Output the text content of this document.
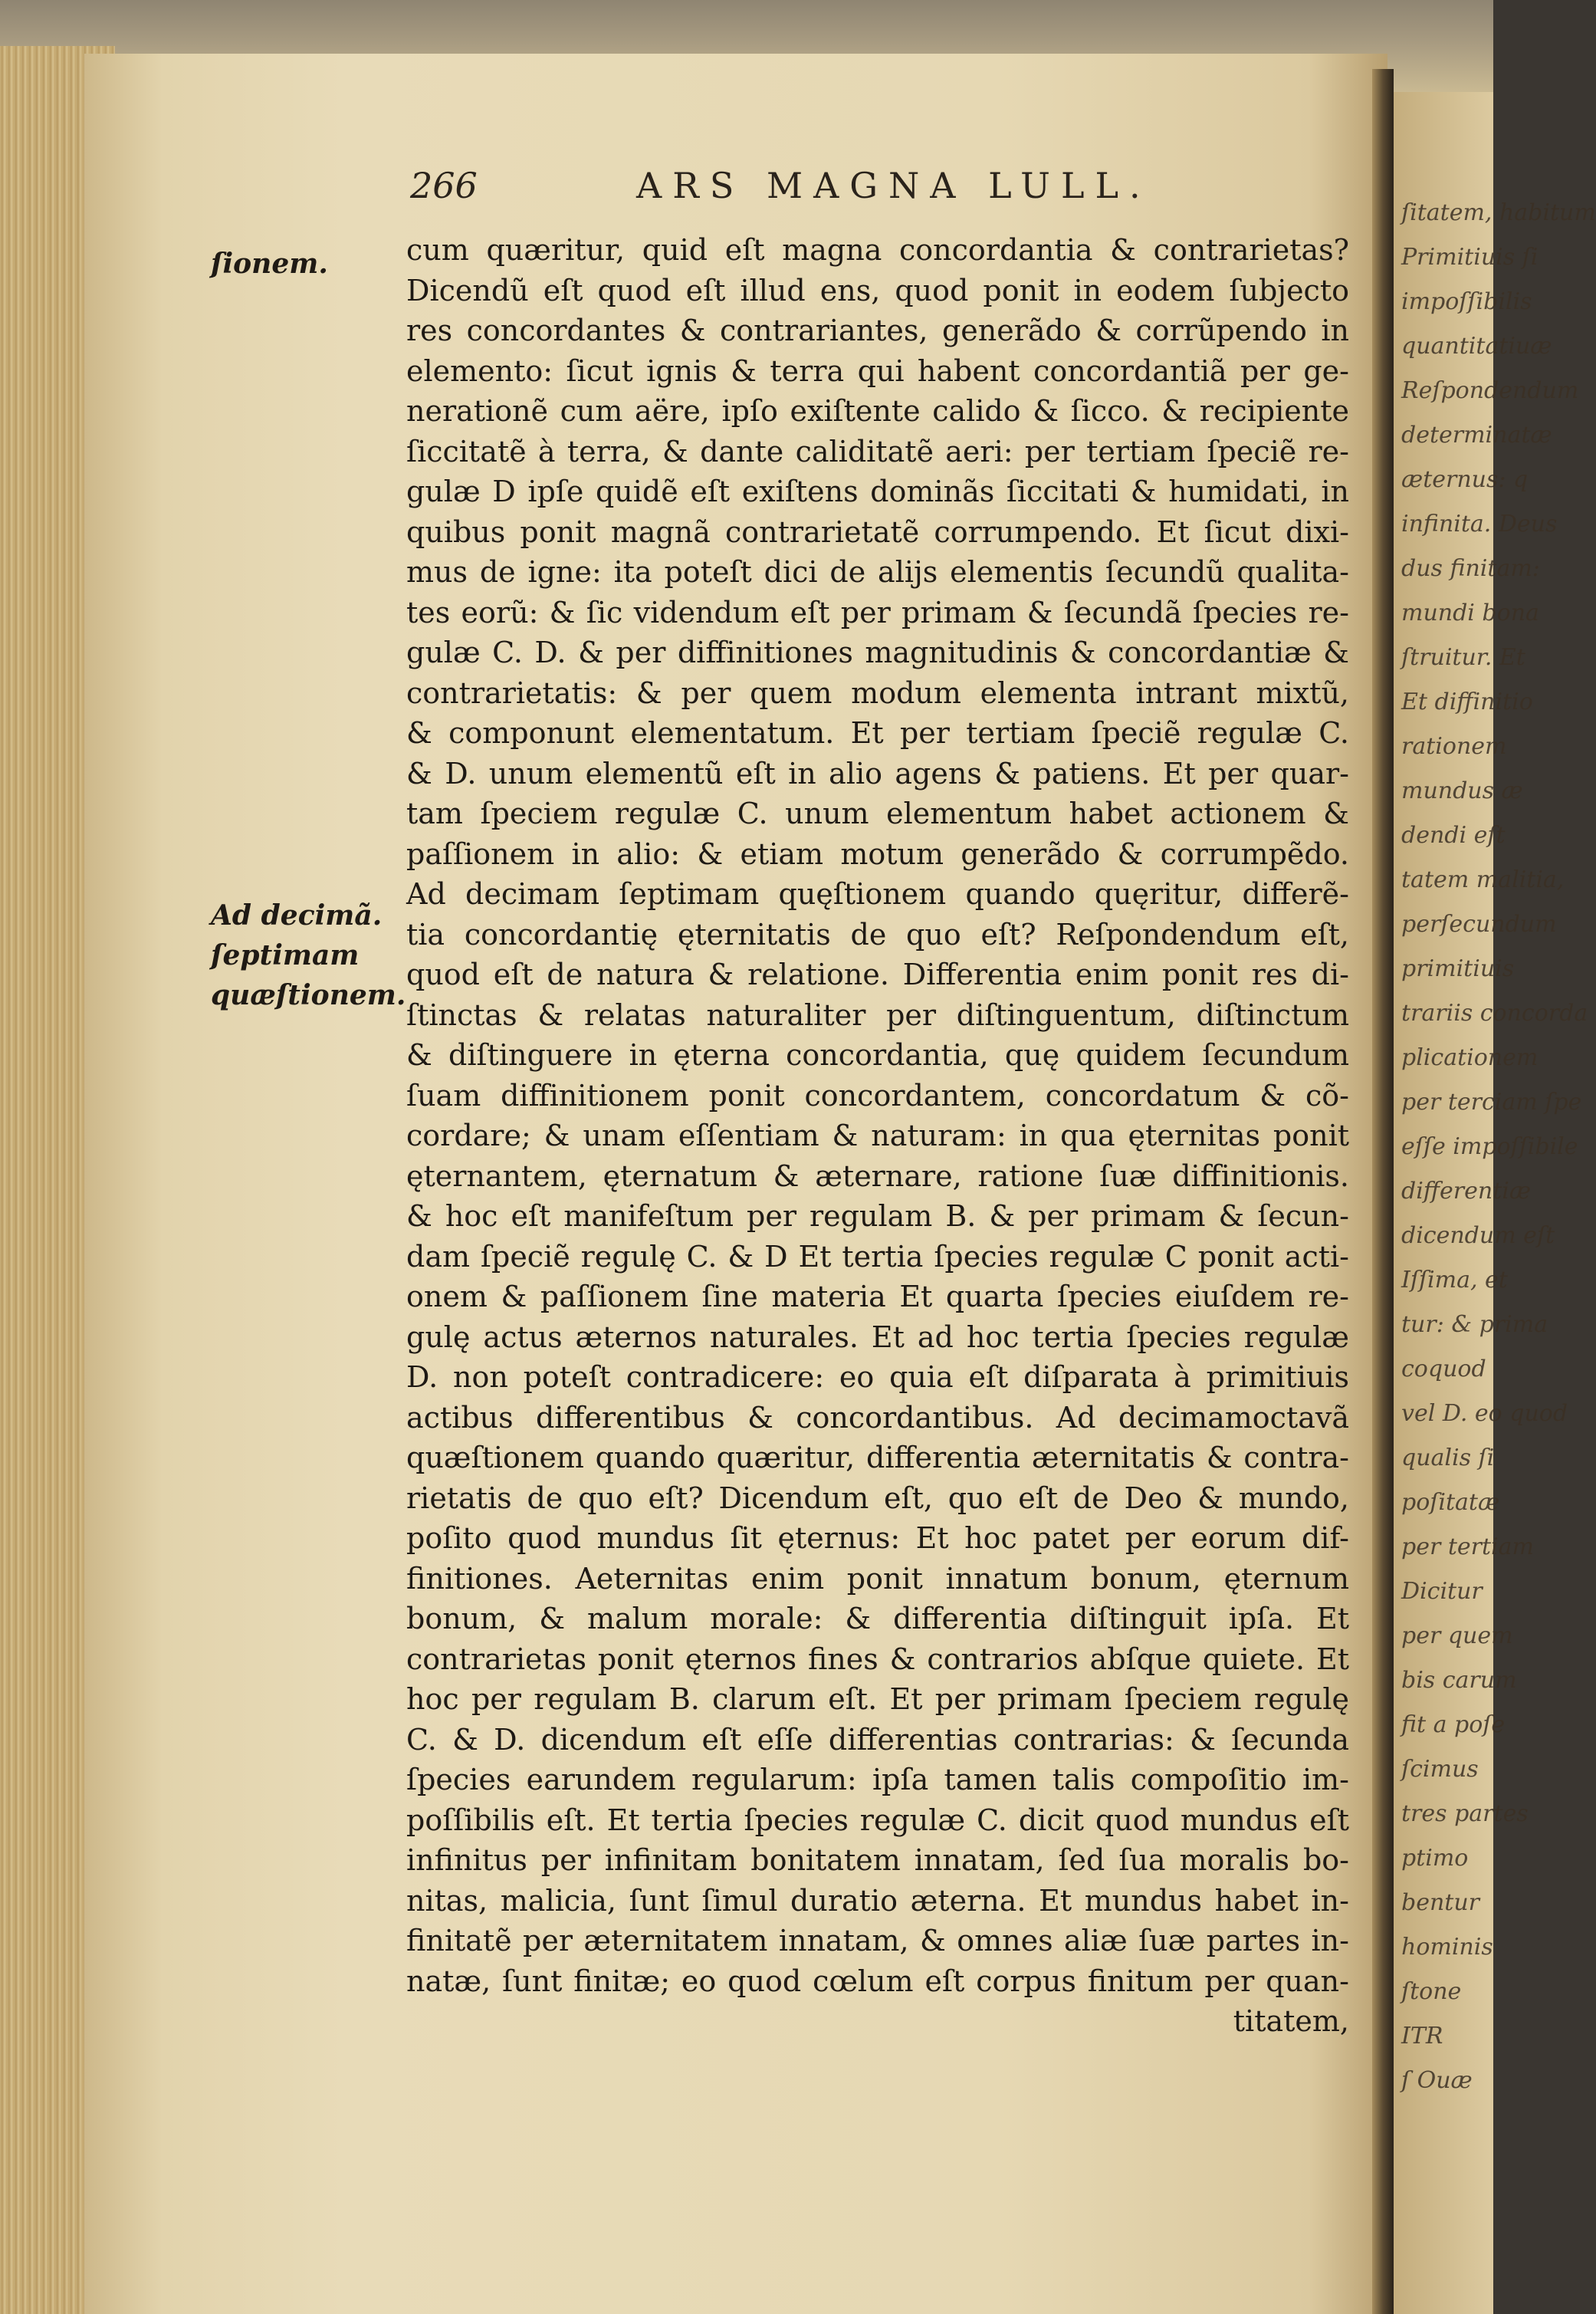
ſitatem, habitum
Primitiuis ſi
impoſſibilis
quantitatiuæ
Reſpondendum
determinatæ
æternus: q
infinita. Deus
dus finitam:
mundi bona
ſtruitur. Et
Et diffinitio
rationem
mundus æ
dendi eſt
tatem malitia,
perſecundum
primitiuis
trariis concorda
plicationem
per terciam ſpe
eſſe impoſſibile
differentiæ
dicendum eſt
Iſſima, et
tur: & prima
coquod
vel D. eo quod
qualis ſi
poſitatæ
per tertiam
Dicitur
per quem
bis carum
fit a poſe
ſcimus
tres partes
ptimo
bentur
hominis
ſtone
ITR
ſ Ouæ
266	ARS MAGNA LULL.
ſionem.
Ad decimã.
ſeptimam
quæſtionem.
cum quæritur, quid eſt magna concordantia & contrarietas?
Dicendũ eſt quod eſt illud ens, quod ponit in eodem ſubjecto
res concordantes & contrariantes, generãdo & corrũpendo in
elemento: ſicut ignis & terra qui habent concordantiã per ge-
nerationẽ cum aëre, ipſo exiſtente calido & ſicco. & recipiente
ſiccitatẽ à terra, & dante caliditatẽ aeri: per tertiam ſpeciẽ re-
gulæ D ipſe quidẽ eſt exiſtens dominãs ſiccitati & humidati, in
quibus ponit magnã contrarietatẽ corrumpendo. Et ſicut dixi-
mus de igne: ita poteſt dici de aliјs elementis ſecundũ qualita-
tes eorũ: & ſic videndum eſt per primam & ſecundã ſpecies re-
gulæ C. D. & per diffinitiones magnitudinis & concordantiæ &
contrarietatis: & per quem modum elementa intrant mixtũ,
& componunt elementatum. Et per tertiam ſpeciẽ regulæ C.
& D. unum elementũ eſt in alio agens & patiens. Et per quar-
tam ſpeciem regulæ C. unum elementum habet actionem &
paſſionem in alio: & etiam motum generãdo & corrumpẽdo.
Ad decimam ſeptimam quęſtionem quando quęritur, differẽ-
tia concordantię ęternitatis de quo eſt? Reſpondendum eſt,
quod eſt de natura & relatione. Differentia enim ponit res di-
ſtinctas & relatas naturaliter per diſtinguentum, diſtinctum
& diſtinguere in ęterna concordantia, quę quidem ſecundum
ſuam diffinitionem ponit concordantem, concordatum & cõ-
cordare; & unam eſſentiam & naturam: in qua ęternitas ponit
ęternantem, ęternatum & æternare, ratione ſuæ diffinitionis.
& hoc eſt manifeſtum per regulam B. & per primam & ſecun-
dam ſpeciẽ regulę C. & D Et tertia ſpecies regulæ C ponit acti-
onem & paſſionem ſine materia Et quarta ſpecies eiuſdem re-
gulę actus æternos naturales. Et ad hoc tertia ſpecies regulæ
D. non poteſt contradicere: eo quia eſt diſparata à primitiuis
actibus differentibus & concordantibus. Ad decimamoctavã
quæſtionem quando quæritur, differentia æternitatis & contra-
rietatis de quo eſt? Dicendum eſt, quo eſt de Deo & mundo,
poſito quod mundus ſit ęternus: Et hoc patet per eorum dif-
finitiones. Aeternitas enim ponit innatum bonum, ęternum
bonum, & malum morale: & differentia diſtinguit ipſa. Et
contrarietas ponit ęternos fines & contrarios abſque quiete. Et
hoc per regulam B. clarum eſt. Et per primam ſpeciem regulę
C. & D. dicendum eſt eſſe differentias contrarias: & ſecunda
ſpecies earundem regularum: ipſa tamen talis compoſitio im-
poſſibilis eſt. Et tertia ſpecies regulæ C. dicit quod mundus eſt
infinitus per infinitam bonitatem innatam, ſed ſua moralis bo-
nitas, malicia, ſunt ſimul duratio æterna. Et mundus habet in-
finitatẽ per æternitatem innatam, & omnes aliæ ſuæ partes in-
natæ, ſunt finitæ; eo quod cœlum eſt corpus finitum per quan-
titatem,
